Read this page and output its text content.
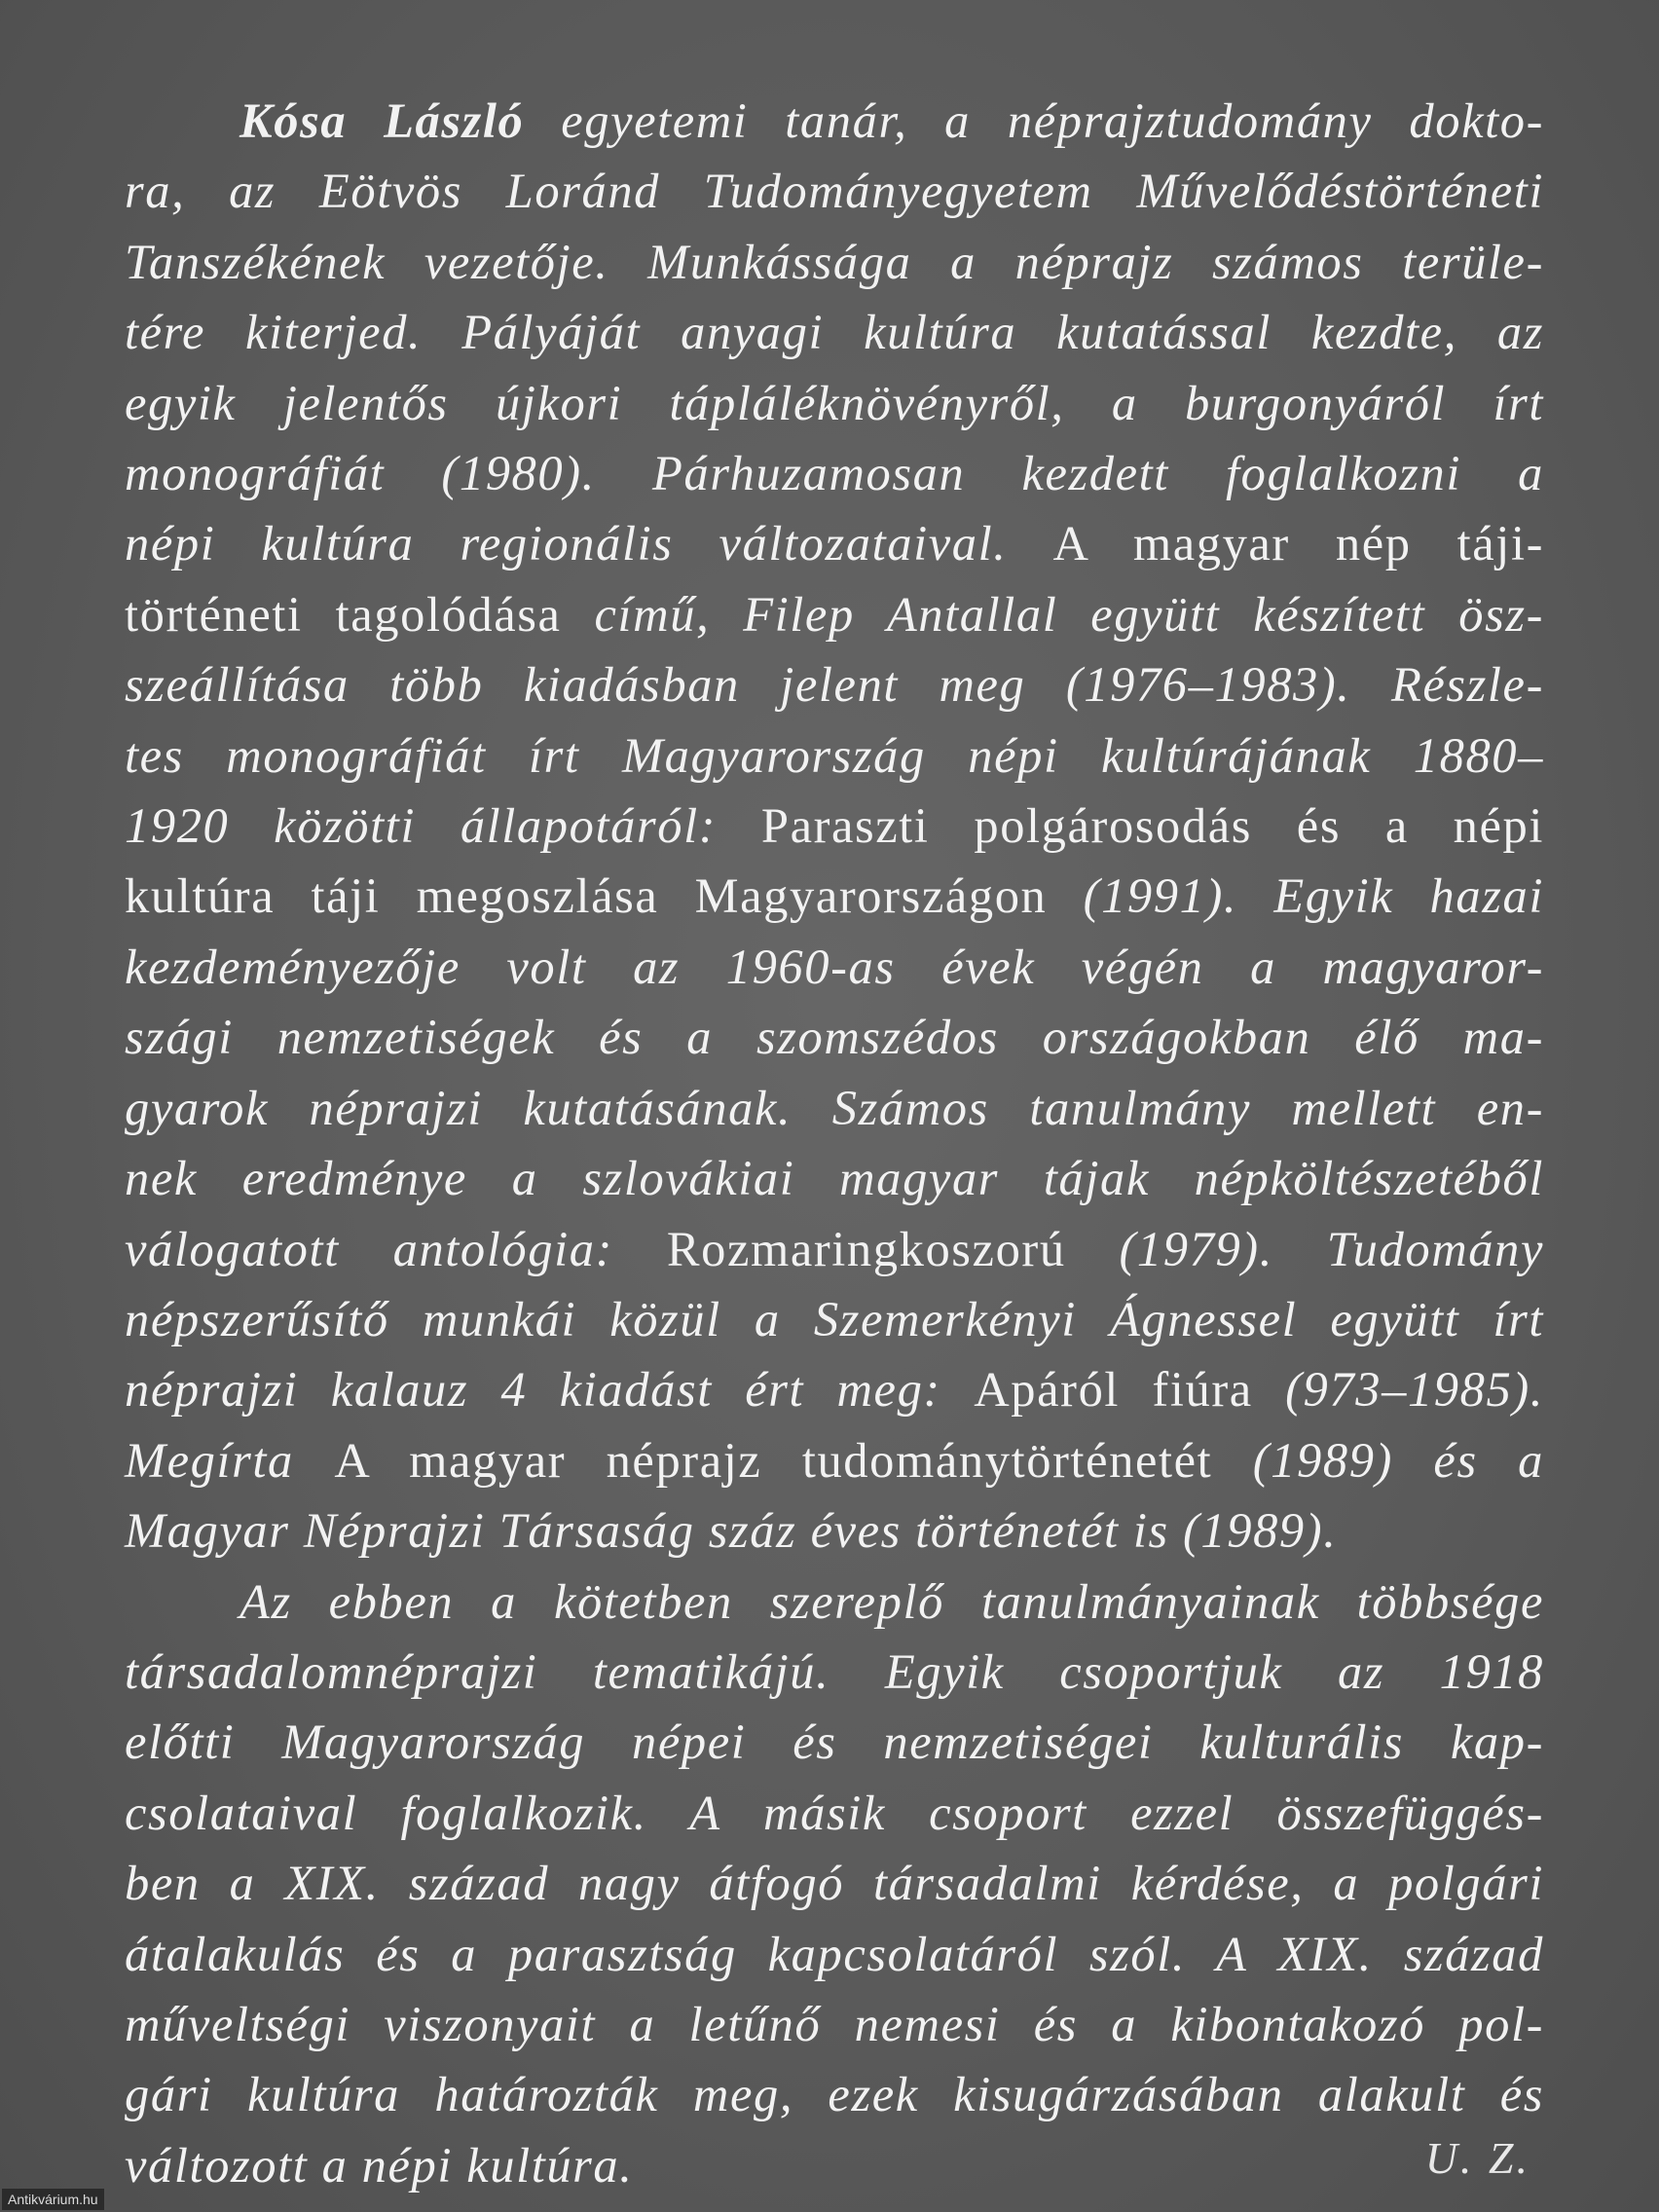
Kósa László egyetemi tanár, a néprajztudomány dokto-
ra, az Eötvös Loránd Tudományegyetem Művelődéstörténeti
Tanszékének vezetője. Munkássága a néprajz számos terüle-
tére kiterjed. Pályáját anyagi kultúra kutatással kezdte, az
egyik jelentős újkori tápláléknövényről, a burgonyáról írt
monográfiát (1980). Párhuzamosan kezdett foglalkozni a
népi kultúra regionális változataival. A magyar nép táji-
történeti tagolódása című, Filep Antallal együtt készített ösz-
szeállítása több kiadásban jelent meg (1976–1983). Részle-
tes monográfiát írt Magyarország népi kultúrájának 1880–
1920 közötti állapotáról: Paraszti polgárosodás és a népi
kultúra táji megoszlása Magyarországon (1991). Egyik hazai
kezdeményezője volt az 1960-as évek végén a magyaror-
szági nemzetiségek és a szomszédos országokban élő ma-
gyarok néprajzi kutatásának. Számos tanulmány mellett en-
nek eredménye a szlovákiai magyar tájak népköltészetéből
válogatott antológia: Rozmaringkoszorú (1979). Tudomány
népszerűsítő munkái közül a Szemerkényi Ágnessel együtt írt
néprajzi kalauz 4 kiadást ért meg: Apáról fiúra (973–1985).
Megírta A magyar néprajz tudománytörténetét (1989) és a
Magyar Néprajzi Társaság száz éves történetét is (1989).

Az ebben a kötetben szereplő tanulmányainak többsége
társadalomnéprajzi tematikájú. Egyik csoportjuk az 1918
előtti Magyarország népei és nemzetiségei kulturális kap-
csolataival foglalkozik. A másik csoport ezzel összefüggés-
ben a XIX. század nagy átfogó társadalmi kérdése, a polgári
átalakulás és a parasztság kapcsolatáról szól. A XIX. század
műveltségi viszonyait a letűnő nemesi és a kibontakozó pol-
gári kultúra határozták meg, ezek kisugárzásában alakult és
változott a népi kultúra.	U. Z.
Antikvárium.hu
